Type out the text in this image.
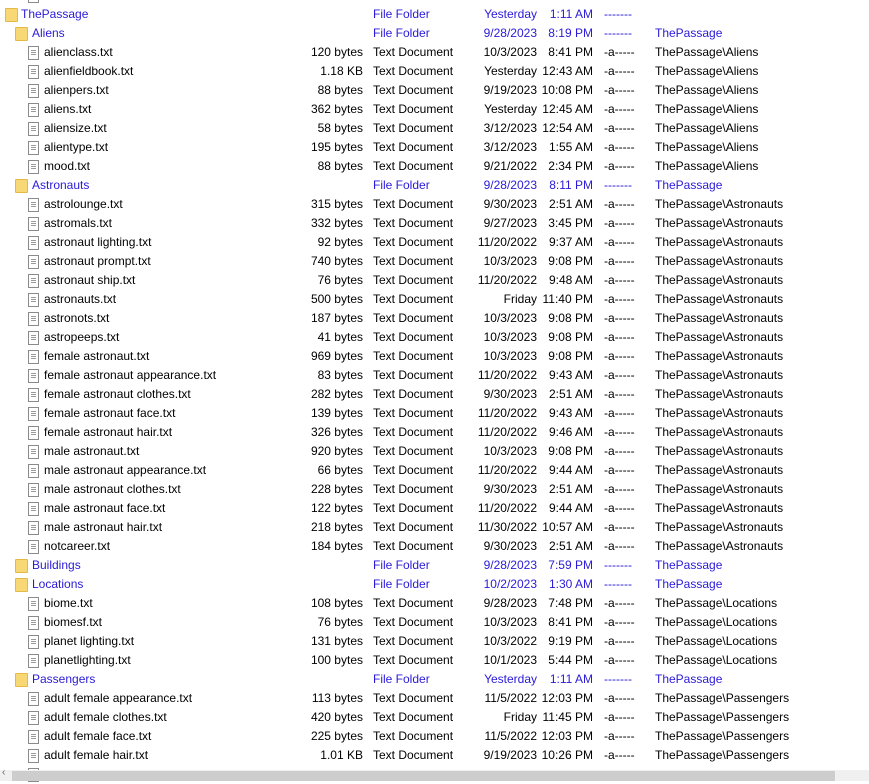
ThePassage	File Folder	Yesterday	1:11 AM -------
Aliens	File Folder	9/28/2023 8:19 PM ------- ThePassage
alienclass.txt	120 bytes Text Document	10/3/2023 8:41 PM -a----- ThePassage\Aliens
alienfieldbook.txt	1.18 KB Text Document	Yesterday 12:43 AM -a----- ThePassage\Aliens
alienpers.txt	88 bytes Text Document	9/19/2023 10:08 PM -a----- ThePassage\Aliens
aliens.txt	362 bytes Text Document	Yesterday 12:45 AM -a----- ThePassage\Aliens
aliensize.txt	58 bytes Text Document	3/12/2023 12:54 AM -a----- ThePassage\Aliens
alientype.txt	195 bytes Text Document	3/12/2023 1:55 AM -a----- ThePassage\Aliens
mood.txt	88 bytes Text Document	9/21/2022 2:34 PM -a----- ThePassage\Aliens
Astronauts	File Folder	9/28/2023	8:11 PM ------- ThePassage
astrolounge.txt	315 bytes Text Document	9/30/2023 2:51 AM -a----- ThePassage\Astronauts
astromals.txt	332 bytes Text Document	9/27/2023 3:45 PM -a----- ThePassage\Astronauts
astronaut lighting.txt	92 bytes Text Document	11/20/2022 9:37 AM -a----- ThePassage\Astronauts
astronaut prompt.txt	740 bytes Text Document	10/3/2023 9:08 PM -a----- ThePassage\Astronauts
astronaut ship.txt	76 bytes Text Document	11/20/2022 9:48 AM -a----- ThePassage\Astronauts
astronauts.txt	500 bytes Text Document	Friday 11:40 PM -a----- ThePassage\Astronauts
astronots.txt	187 bytes Text Document	10/3/2023 9:08 PM -a----- ThePassage\Astronauts
astropeeps.txt	41 bytes Text Document	10/3/2023 9:08 PM -a----- ThePassage\Astronauts
female astronaut.txt	969 bytes Text Document	10/3/2023 9:08 PM -a----- ThePassage\Astronauts
female astronaut appearance.txt	83 bytes Text Document	11/20/2022 9:43 AM -a----- ThePassage\Astronauts
female astronaut clothes.txt	282 bytes Text Document	9/30/2023 2:51 AM -a----- ThePassage\Astronauts
female astronaut face.txt	139 bytes Text Document	11/20/2022 9:43 AM -a----- ThePassage\Astronauts
female astronaut hair.txt	326 bytes Text Document	11/20/2022 9:46 AM -a----- ThePassage\Astronauts
male astronaut.txt	920 bytes Text Document	10/3/2023 9:08 PM -a----- ThePassage\Astronauts
male astronaut appearance.txt	66 bytes Text Document	11/20/2022 9:44 AM -a----- ThePassage\Astronauts
male astronaut clothes.txt	228 bytes Text Document	9/30/2023 2:51 AM -a----- ThePassage\Astronauts
male astronaut face.txt	122 bytes Text Document	11/20/2022 9:44 AM -a----- ThePassage\Astronauts
male astronaut hair.txt	218 bytes Text Document	11/30/2022 10:57 AM -a----- ThePassage\Astronauts
notcareer.txt	184 bytes Text Document	9/30/2023 2:51 AM -a----- ThePassage\Astronauts
Buildings	File Folder	9/28/2023 7:59 PM ------- ThePassage
Locations	File Folder	10/2/2023 1:30 AM ------- ThePassage
biome.txt	108 bytes Text Document	9/28/2023 7:48 PM -a----- ThePassage\Locations
biomesf.txt	76 bytes Text Document	10/3/2023 8:41 PM -a----- ThePassage\Locations
planet lighting.txt	131 bytes Text Document	10/3/2022 9:19 PM -a----- ThePassage\Locations
planetlighting.txt	100 bytes Text Document	10/1/2023 5:44 PM -a----- ThePassage\Locations
Passengers	File Folder	Yesterday	1:11 AM ------- ThePassage
adult female appearance.txt	113 bytes Text Document	11/5/2022 12:03 PM -a----- ThePassage\Passengers
adult female clothes.txt	420 bytes Text Document	Friday 11:45 PM -a----- ThePassage\Passengers
adult female face.txt	225 bytes Text Document	11/5/2022 12:03 PM -a----- ThePassage\Passengers
adult female hair.txt	1.01 KB Text Document	9/19/2023 10:26 PM -a----- ThePassage\Passengers
‹
